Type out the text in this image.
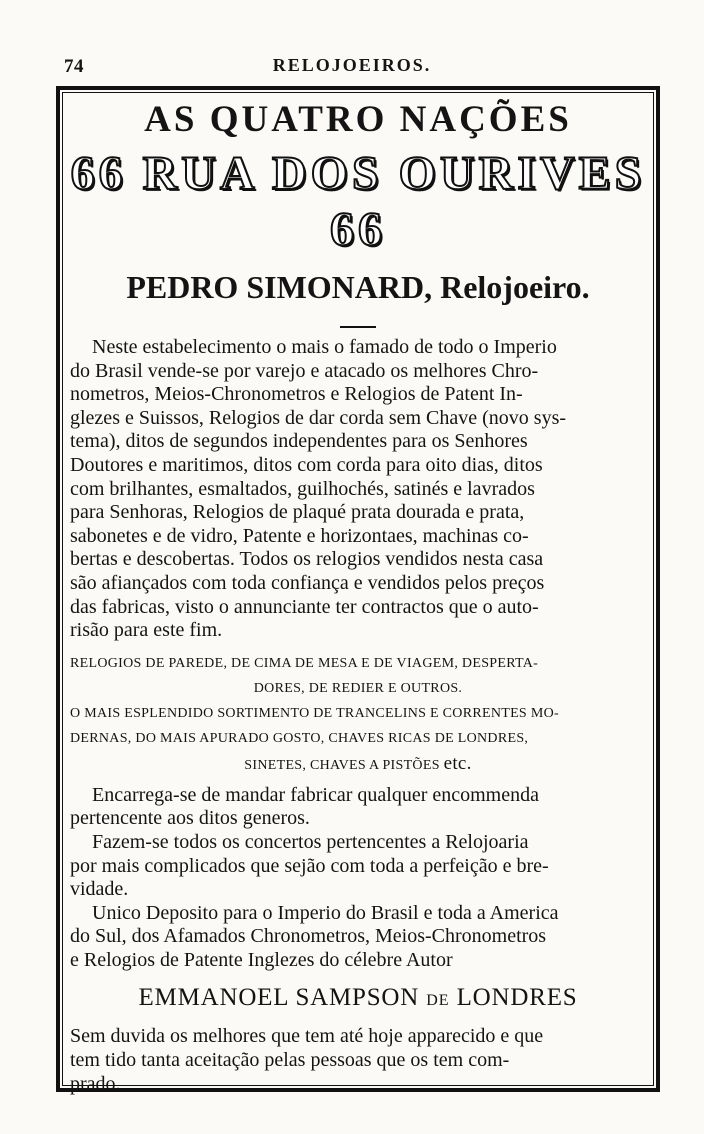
74	RELOJOEIROS.
AS QUATRO NAÇÕES
66 RUA DOS OURIVES 66
PEDRO SIMONARD, Relojoeiro.

Neste estabelecimento o mais o famado de todo o Imperio
do Brasil vende-se por varejo e atacado os melhores Chro-
nometros, Meios-Chronometros e Relogios de Patent In-
glezes e Suissos, Relogios de dar corda sem Chave (novo sys-
tema), ditos de segundos independentes para os Senhores
Doutores e maritimos, ditos com corda para oito dias, ditos
com brilhantes, esmaltados, guilhochés, satinés e lavrados
para Senhoras, Relogios de plaqué prata dourada e prata,
sabonetes e de vidro, Patente e horizontaes, machinas co-
bertas e descobertas. Todos os relogios vendidos nesta casa
são afiançados com toda confiança e vendidos pelos preços
das fabricas, visto o annunciante ter contractos que o auto-
risão para este fim.

RELOGIOS DE PAREDE, DE CIMA DE MESA E DE VIAGEM, DESPERTA-

DORES, DE REDIER E OUTROS.

O MAIS ESPLENDIDO SORTIMENTO DE TRANCELINS E CORRENTES MO-
DERNAS, DO MAIS APURADO GOSTO, CHAVES RICAS DE LONDRES,

SINETES, CHAVES A PISTÕES etc.

Encarrega-se de mandar fabricar qualquer encommenda
pertencente aos ditos generos.

Fazem-se todos os concertos pertencentes a Relojoaria
por mais complicados que sejão com toda a perfeição e bre-
vidade.

Unico Deposito para o Imperio do Brasil e toda a America
do Sul, dos Afamados Chronometros, Meios-Chronometros
e Relogios de Patente Inglezes do célebre Autor

EMMANOEL SAMPSON DE LONDRES

Sem duvida os melhores que tem até hoje apparecido e que
tem tido tanta aceitação pelas pessoas que os tem com-
prado.
